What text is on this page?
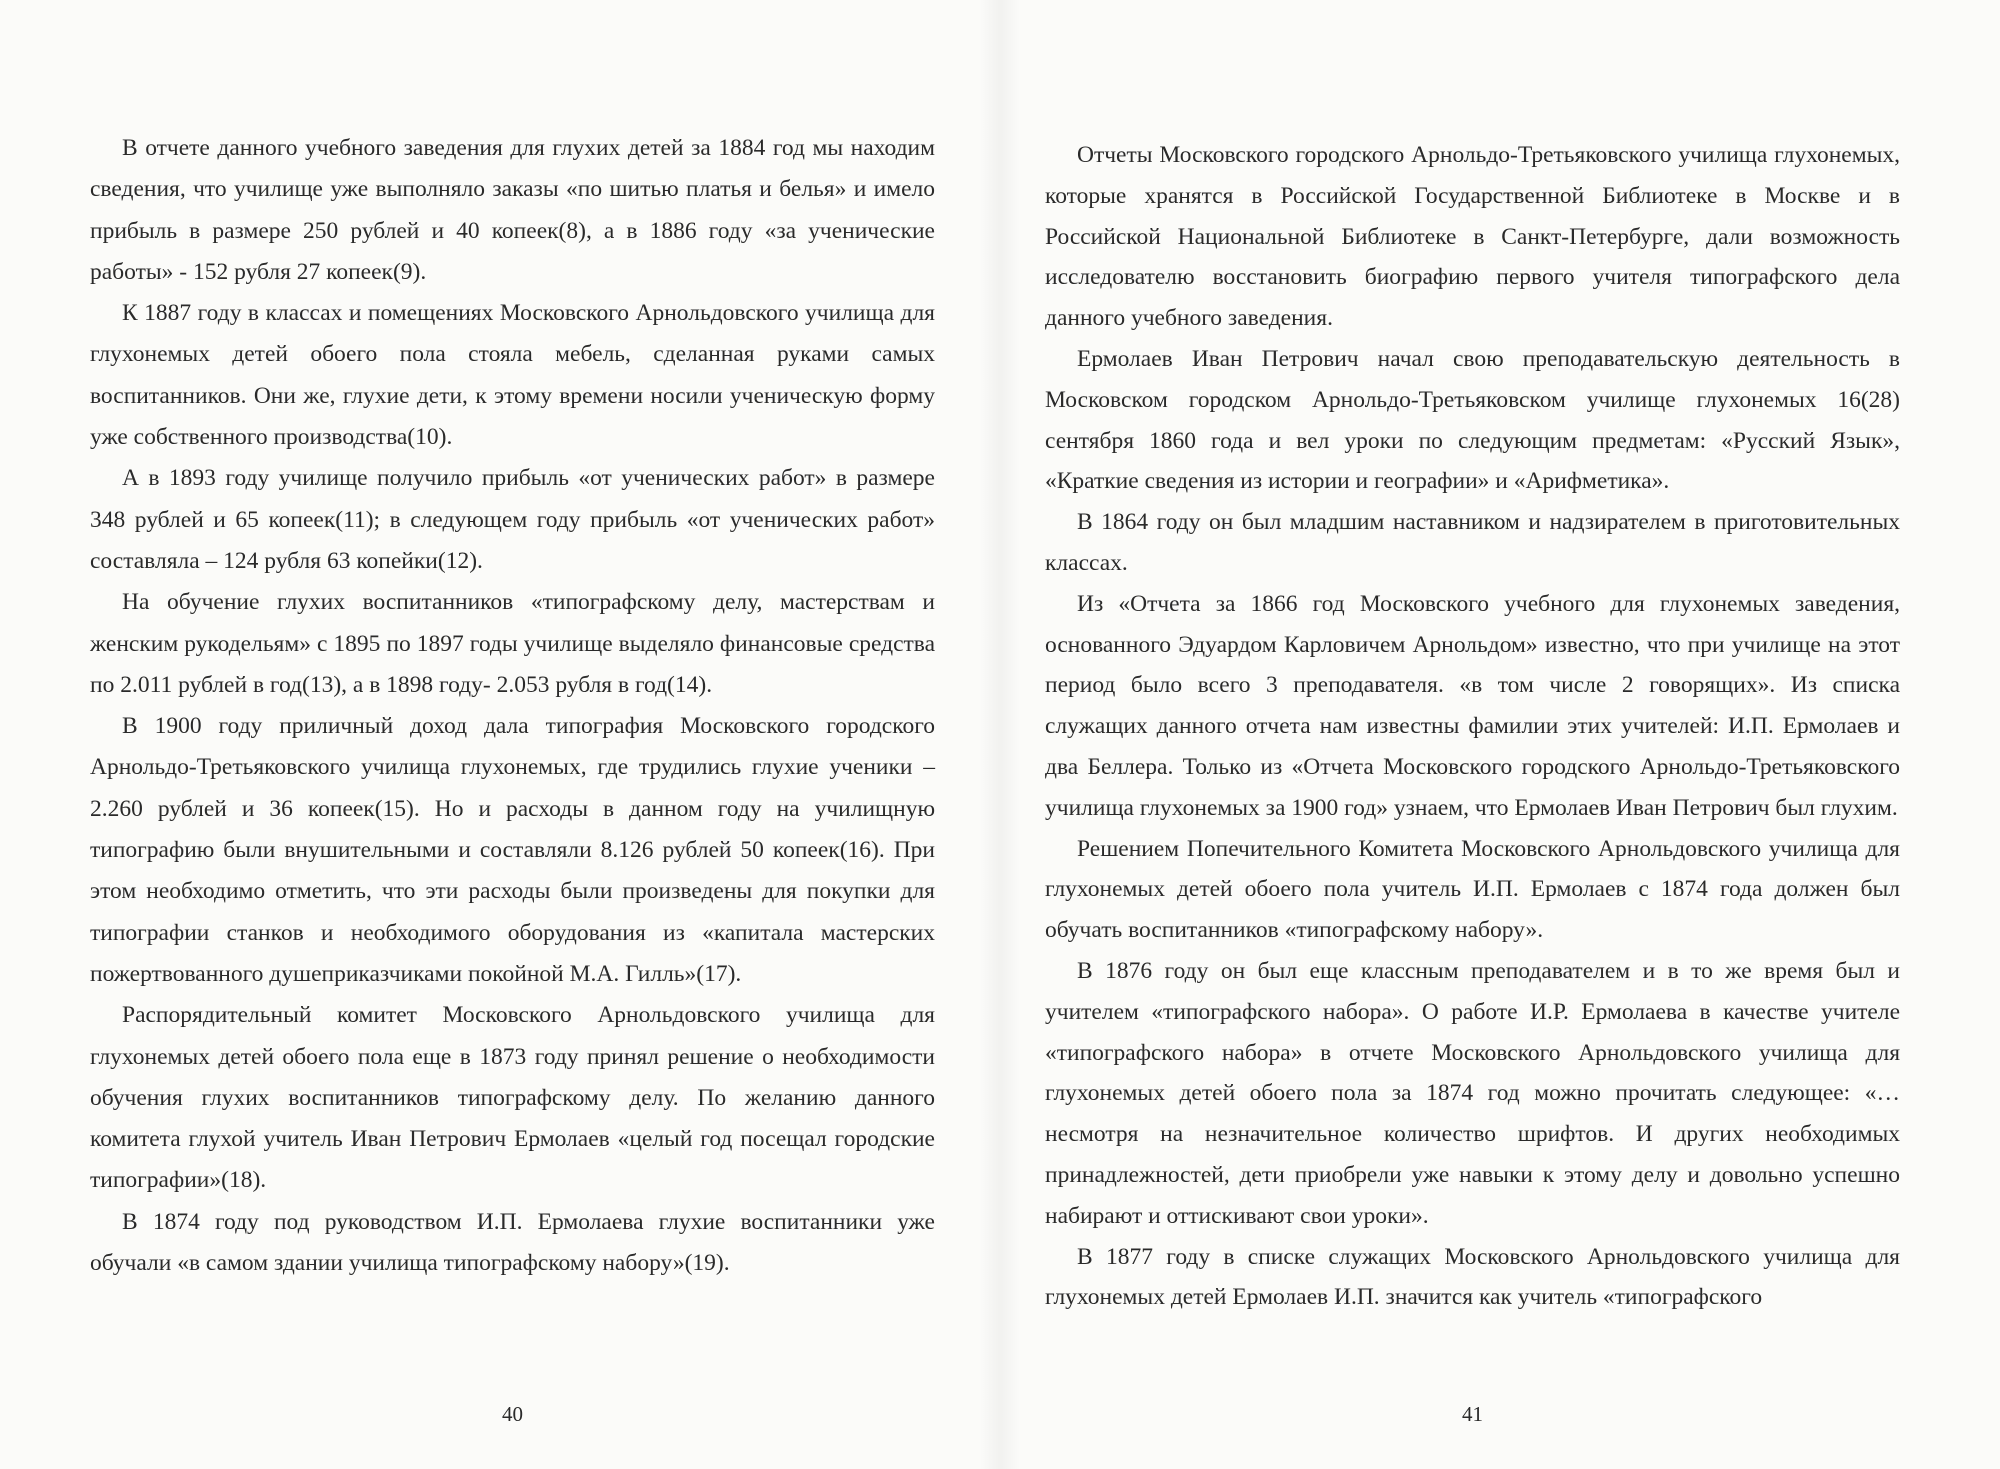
В отчете данного учебного заведения для глухих детей за 1884 год мы находим сведения, что училище уже выполняло заказы «по шитью платья и белья» и имело прибыль в размере 250 рублей и 40 копеек(8), а в 1886 году «за ученические работы» - 152 рубля 27 копеек(9).

К 1887 году в классах и помещениях Московского Арнольдовского училища для глухонемых детей обоего пола стояла мебель, сделанная руками самых воспитанников. Они же, глухие дети, к этому времени носили ученическую форму уже собственного производства(10).

А в 1893 году училище получило прибыль «от ученических работ» в размере 348 рублей и 65 копеек(11); в следующем году прибыль «от ученических работ» составляла – 124 рубля 63 копейки(12).

На обучение глухих воспитанников «типографскому делу, мастерствам и женским рукодельям» с 1895 по 1897 годы училище выделяло финансовые средства по 2.011 рублей в год(13), а в 1898 году- 2.053 рубля в год(14).

В 1900 году приличный доход дала типография Московского городского Арнольдо-Третьяковского училища глухонемых, где трудились глухие ученики – 2.260 рублей и 36 копеек(15). Но и расходы в данном году на училищную типографию были внушительными и составляли 8.126 рублей 50 копеек(16). При этом необходимо отметить, что эти расходы были произведены для покупки для типографии станков и необходимого оборудования из «капитала мастерских пожертвованного душеприказчиками покойной М.А. Гилль»(17).

Распорядительный комитет Московского Арнольдовского училища для глухонемых детей обоего пола еще в 1873 году принял решение о необходимости обучения глухих воспитанников типографскому делу. По желанию данного комитета глухой учитель Иван Петрович Ермолаев «целый год посещал городские типографии»(18).

В 1874 году под руководством И.П. Ермолаева глухие воспитанники уже обучали «в самом здании училища типографскому набору»(19).

40

Отчеты Московского городского Арнольдо-Третьяковского училища глухонемых, которые хранятся в Российской Государственной Библиотеке в Москве и в Российской Национальной Библиотеке в Санкт-Петербурге, дали возможность исследователю восстановить биографию первого учителя типографского дела данного учебного заведения.

Ермолаев Иван Петрович начал свою преподавательскую деятельность в Московском городском Арнольдо-Третьяковском училище глухонемых 16(28) сентября 1860 года и вел уроки по следующим предметам: «Русский Язык», «Краткие сведения из истории и географии» и «Арифметика».

В 1864 году он был младшим наставником и надзирателем в приготовительных классах.

Из «Отчета за 1866 год Московского учебного для глухонемых заведения, основанного Эдуардом Карловичем Арнольдом» известно, что при училище на этот период было всего 3 преподавателя. «в том числе 2 говорящих». Из списка служащих данного отчета нам известны фамилии этих учителей: И.П. Ермолаев и два Беллера. Только из «Отчета Московского городского Арнольдо-Третьяковского училища глухонемых за 1900 год» узнаем, что Ермолаев Иван Петрович был глухим.

Решением Попечительного Комитета Московского Арнольдовского училища для глухонемых детей обоего пола учитель И.П. Ермолаев с 1874 года должен был обучать воспитанников «типографскому набору».

В 1876 году он был еще классным преподавателем и в то же время был и учителем «типографского набора». О работе И.Р. Ермолаева в качестве учителе «типографского набора» в отчете Московского Арнольдовского училища для глухонемых детей обоего пола за 1874 год можно прочитать следующее: «… несмотря на незначительное количество шрифтов. И других необходимых принадлежностей, дети приобрели уже навыки к этому делу и довольно успешно набирают и оттискивают свои уроки».

В 1877 году в списке служащих Московского Арнольдовского училища для глухонемых детей Ермолаев И.П. значится как учитель «типографского

41
